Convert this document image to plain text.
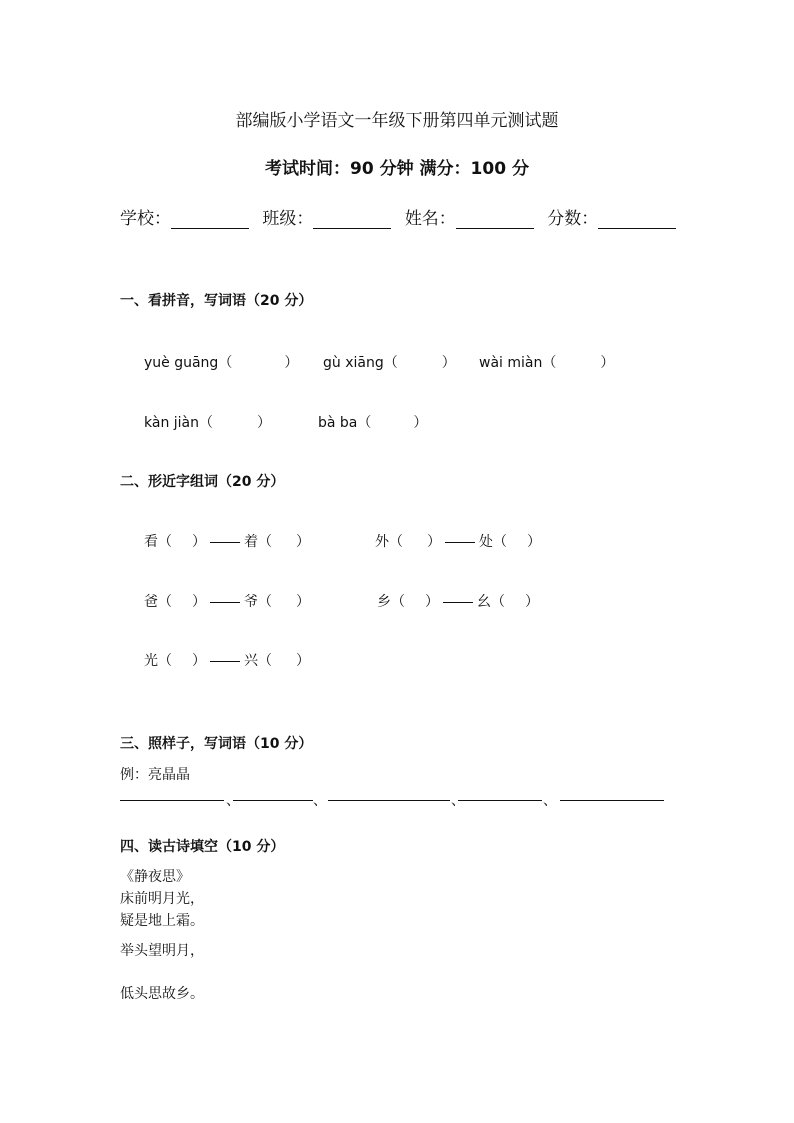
部编版小学语文一年级下册第四单元测试题
考试时间：90 分钟 满分：100 分
学校：	班级：	姓名：	分数：
一、看拼音，写词语（20 分）
yuè guāng（	） gù xiāng（	） wài miàn（	）
kàn jiàn（	）	bà ba（	）
二、形近字组词（20 分）
看（ ）	着（ ）	外（ ）	处（ ）
爸（ ）	爷（ ）	乡（ ）	幺（ ）
光（ ）	兴（ ）
三、照样子，写词语（10 分）
例：亮晶晶
、	、	、	、
四、读古诗填空（10 分）
《静夜思》
床前明月光，
疑是地上霜。
举头望明月，
低头思故乡。
